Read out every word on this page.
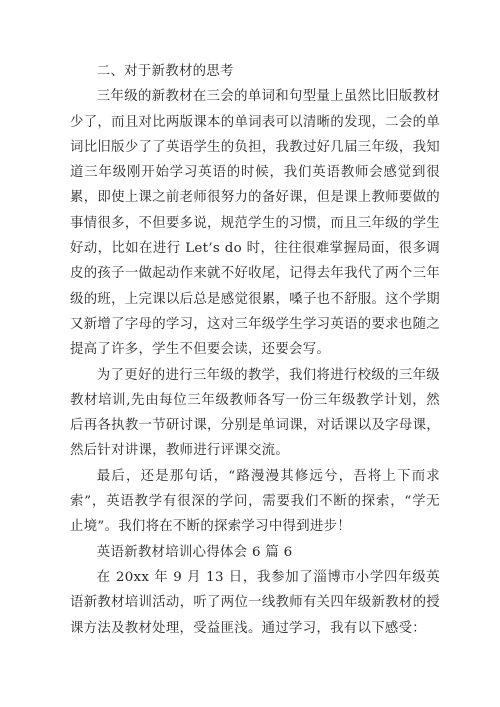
二、对于新教材的思考

三年级的新教材在三会的单词和句型量上虽然比旧版教材少了，而且对比两版课本的单词表可以清晰的发现，二会的单词比旧版少了了英语学生的负担，我教过好几届三年级，我知道三年级刚开始学习英语的时候，我们英语教师会感觉到很累，即使上课之前老师很努力的备好课，但是课上教师要做的事情很多，不但要多说，规范学生的习惯，而且三年级的学生好动，比如在进行 Let’s do 时，往往很难掌握局面，很多调皮的孩子一做起动作来就不好收尾，记得去年我代了两个三年级的班，上完课以后总是感觉很累，嗓子也不舒服。这个学期又新增了字母的学习，这对三年级学生学习英语的要求也随之提高了许多，学生不但要会读，还要会写。

为了更好的进行三年级的教学，我们将进行校级的三年级教材培训,先由每位三年级教师各写一份三年级教学计划，然后再各执教一节研讨课，分别是单词课，对话课以及字母课，然后针对讲课，教师进行评课交流。

最后，还是那句话，“路漫漫其修远兮，吾将上下而求索”，英语教学有很深的学问，需要我们不断的探索，“学无止境”。我们将在不断的探索学习中得到进步！

英语新教材培训心得体会 6 篇 6

在 20xx 年 9 月 13 日，我参加了淄博市小学四年级英语新教材培训活动，听了两位一线教师有关四年级新教材的授课方法及教材处理，受益匪浅。通过学习，我有以下感受：
